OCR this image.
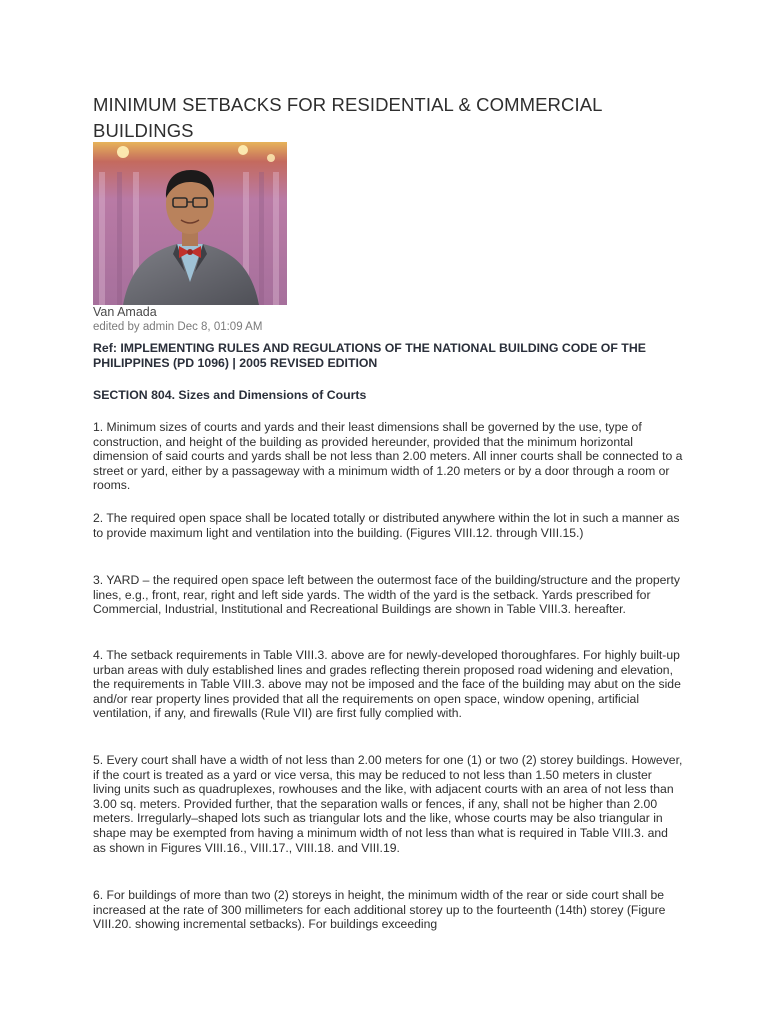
MINIMUM SETBACKS FOR RESIDENTIAL & COMMERCIAL BUILDINGS
Van Amada
edited by admin Dec 8, 01:09 AM
Ref: IMPLEMENTING RULES AND REGULATIONS OF THE NATIONAL BUILDING CODE OF THE PHILIPPINES (PD 1096) | 2005 REVISED EDITION
SECTION 804. Sizes and Dimensions of Courts

1. Minimum sizes of courts and yards and their least dimensions shall be governed by the use, type of construction, and height of the building as provided hereunder, provided that the minimum horizontal dimension of said courts and yards shall be not less than 2.00 meters. All inner courts shall be connected to a street or yard, either by a passageway with a minimum width of 1.20 meters or by a door through a room or rooms.

2. The required open space shall be located totally or distributed anywhere within the lot in such a manner as to provide maximum light and ventilation into the building. (Figures VIII.12. through VIII.15.)

3. YARD – the required open space left between the outermost face of the building/structure and the property lines, e.g., front, rear, right and left side yards. The width of the yard is the setback. Yards prescribed for Commercial, Industrial, Institutional and Recreational Buildings are shown in Table VIII.3. hereafter.

4. The setback requirements in Table VIII.3. above are for newly-developed thoroughfares. For highly built-up urban areas with duly established lines and grades reflecting therein proposed road widening and elevation, the requirements in Table VIII.3. above may not be imposed and the face of the building may abut on the side and/or rear property lines provided that all the requirements on open space, window opening, artificial ventilation, if any, and firewalls (Rule VII) are first fully complied with.

5. Every court shall have a width of not less than 2.00 meters for one (1) or two (2) storey buildings. However, if the court is treated as a yard or vice versa, this may be reduced to not less than 1.50 meters in cluster living units such as quadruplexes, rowhouses and the like, with adjacent courts with an area of not less than 3.00 sq. meters. Provided further, that the separation walls or fences, if any, shall not be higher than 2.00 meters. Irregularly–shaped lots such as triangular lots and the like, whose courts may be also triangular in shape may be exempted from having a minimum width of not less than what is required in Table VIII.3. and as shown in Figures VIII.16., VIII.17., VIII.18. and VIII.19.

6. For buildings of more than two (2) storeys in height, the minimum width of the rear or side court shall be increased at the rate of 300 millimeters for each additional storey up to the fourteenth (14th) storey (Figure VIII.20. showing incremental setbacks). For buildings exceeding
